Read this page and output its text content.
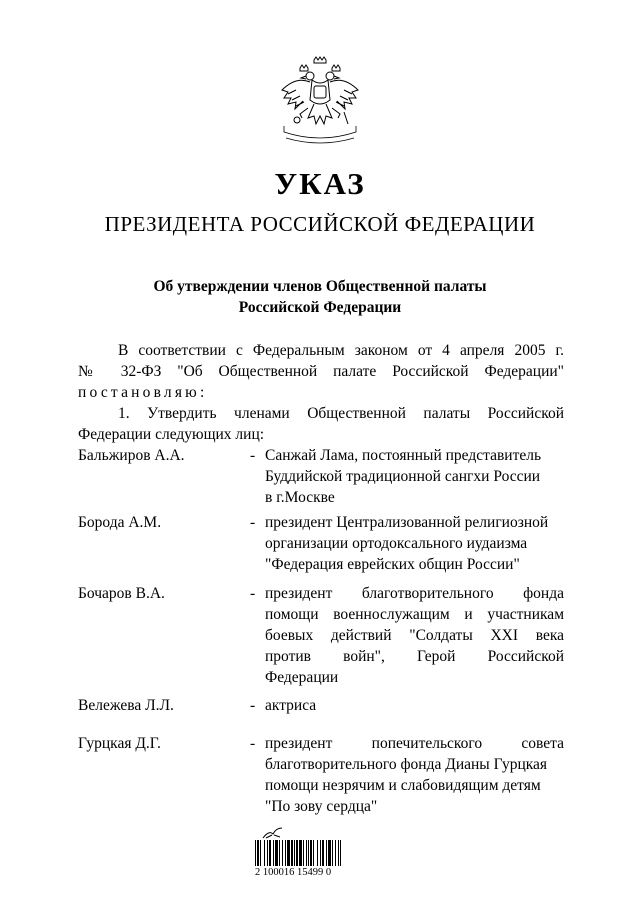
УКАЗ
ПРЕЗИДЕНТА РОССИЙСКОЙ ФЕДЕРАЦИИ
Об утверждении членов Общественной палаты
Российской Федерации
В соответствии с Федеральным законом от 4 апреля 2005 г.
№ 32-ФЗ "Об Общественной палате Российской Федерации"
постановляю:
1. Утвердить членами Общественной палаты Российской
Федерации следующих лиц:
Бальжиров А.А.	- Санжай Лама, постоянный представитель
Буддийской традиционной сангхи России
в г.Москве
Борода А.М.	- президент Централизованной религиозной
организации ортодоксального иудаизма
"Федерация еврейских общин России"
Бочаров В.А.	- президент благотворительного фонда
помощи военнослужащим и участникам
боевых действий "Солдаты XXI века
против войн", Герой Российской
Федерации
Вележева Л.Л.	- актриса
Гурцкая Д.Г.	- президент попечительского совета
благотворительного фонда Дианы Гурцкая
помощи незрячим и слабовидящим детям
"По зову сердца"
2 100016 15499 0
